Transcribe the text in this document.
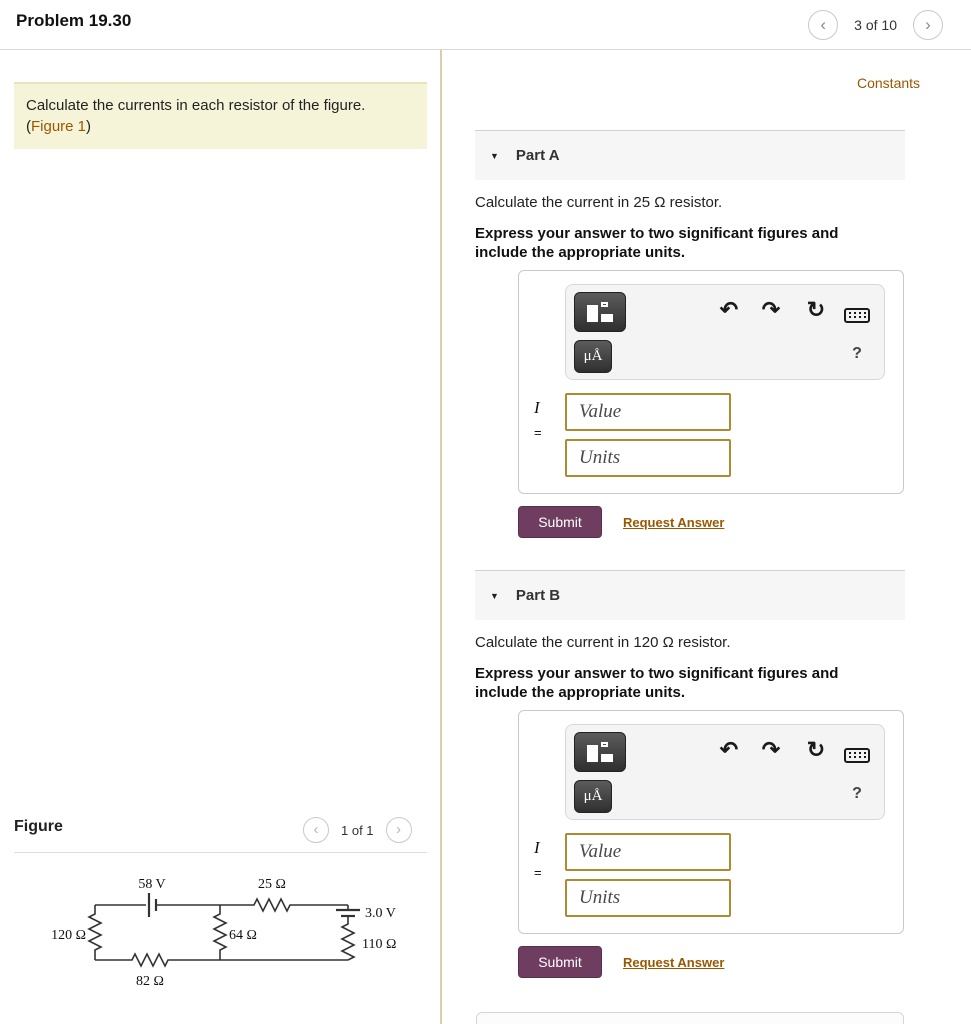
Problem 19.30	‹ 3 of 10 ›
Calculate the currents in each resistor of the figure.
(Figure 1)
Figure	‹ 1 of 1 ›
58 V	25 Ω
3.0 V
110 Ω
64 Ω
120 Ω
82 Ω
Constants
▼ Part A

Calculate the current in 25 Ω resistor.

Express your answer to two significant figures and include the appropriate units.

↶ ↷ ↻
μÅ	?
I
=
Value
Units
Submit	Request Answer
▼ Part B

Calculate the current in 120 Ω resistor.

Express your answer to two significant figures and include the appropriate units.

↶ ↷ ↻
μÅ	?
I
=
Value
Units
Submit	Request Answer
